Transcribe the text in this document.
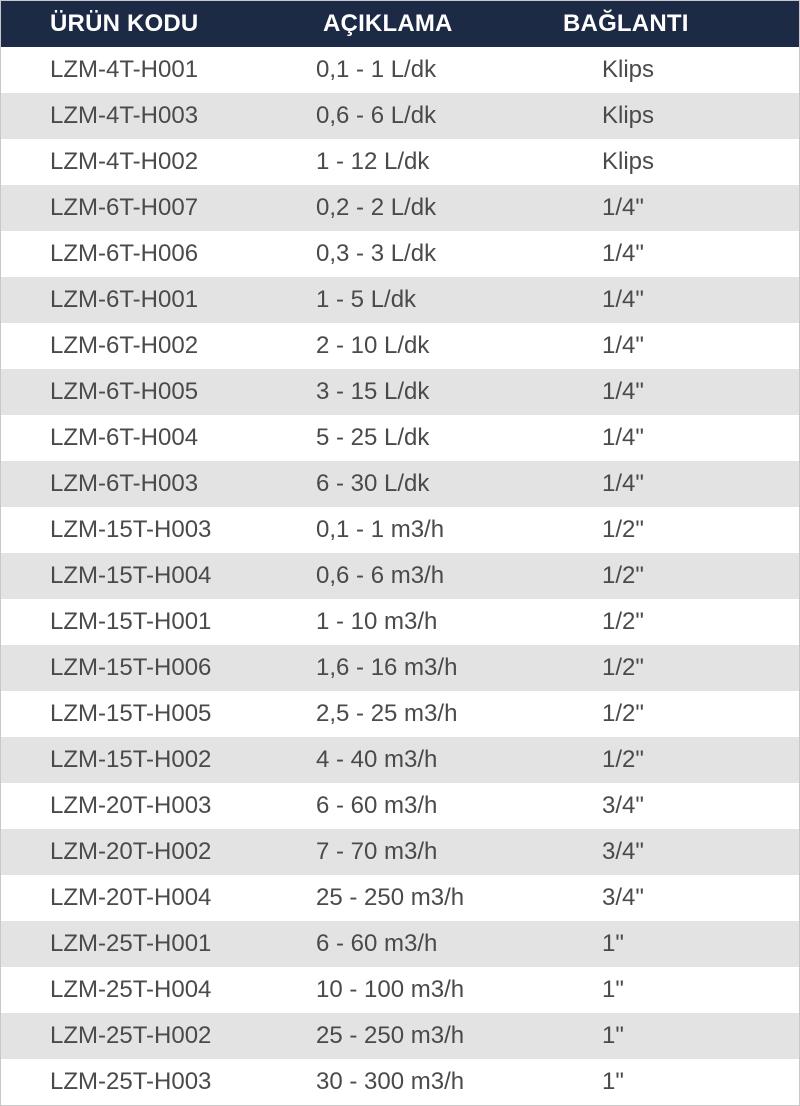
ÜRÜN KODU	AÇIKLAMA	BAĞLANTI
LZM-4T-H001	0,1 - 1 L/dk	Klips
LZM-4T-H003	0,6 - 6 L/dk	Klips
LZM-4T-H002	1 - 12 L/dk	Klips
LZM-6T-H007	0,2 - 2 L/dk	1/4"
LZM-6T-H006	0,3 - 3 L/dk	1/4"
LZM-6T-H001	1 - 5 L/dk	1/4"
LZM-6T-H002	2 - 10 L/dk	1/4"
LZM-6T-H005	3 - 15 L/dk	1/4"
LZM-6T-H004	5 - 25 L/dk	1/4"
LZM-6T-H003	6 - 30 L/dk	1/4"
LZM-15T-H003	0,1 - 1 m3/h	1/2"
LZM-15T-H004	0,6 - 6 m3/h	1/2"
LZM-15T-H001	1 - 10 m3/h	1/2"
LZM-15T-H006	1,6 - 16 m3/h	1/2"
LZM-15T-H005	2,5 - 25 m3/h	1/2"
LZM-15T-H002	4 - 40 m3/h	1/2"
LZM-20T-H003	6 - 60 m3/h	3/4"
LZM-20T-H002	7 - 70 m3/h	3/4"
LZM-20T-H004	25 - 250 m3/h	3/4"
LZM-25T-H001	6 - 60 m3/h	1"
LZM-25T-H004	10 - 100 m3/h	1"
LZM-25T-H002	25 - 250 m3/h	1"
LZM-25T-H003	30 - 300 m3/h	1"
